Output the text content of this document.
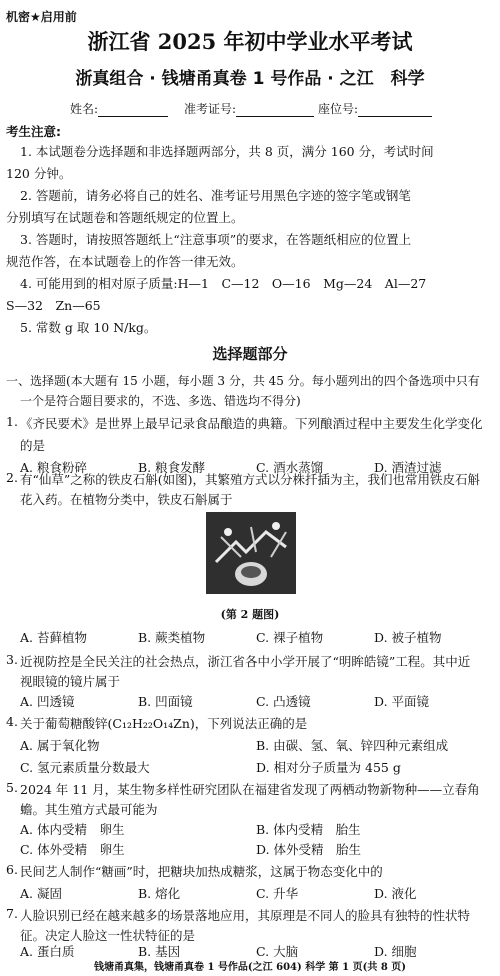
机密★启用前
浙江省 2025 年初中学业水平考试
浙真组合 · 钱塘甬真卷 1 号作品 · 之江　科学
姓名:	准考证号:	座位号:
考生注意:
1. 本试题卷分选择题和非选择题两部分，共 8 页，满分 160 分，考试时间
120 分钟。
2. 答题前，请务必将自己的姓名、准考证号用黑色字迹的签字笔或钢笔
分别填写在试题卷和答题纸规定的位置上。
3. 答题时，请按照答题纸上“注意事项”的要求，在答题纸相应的位置上
规范作答，在本试题卷上的作答一律无效。
4. 可能用到的相对原子质量:H—1　C—12　O—16　Mg—24　Al—27
S—32　Zn—65
5. 常数 g 取 10 N/kg。
选择题部分
一、选择题(本大题有 15 小题，每小题 3 分，共 45 分。每小题列出的四个备选项中只有
一个是符合题目要求的，不选、多选、错选均不得分)
1. 《齐民要术》是世界上最早记录食品酿造的典籍。下列酿酒过程中主要发生化学变化
的是
A. 粮食粉碎	B. 粮食发酵	C. 酒水蒸馏	D. 酒渣过滤
2. 有“仙草”之称的铁皮石斛(如图)，其繁殖方式以分株扦插为主，我们也常用铁皮石斛
花入药。在植物分类中，铁皮石斛属于
(第 2 题图)
A. 苔藓植物	B. 蕨类植物	C. 裸子植物	D. 被子植物
3. 近视防控是全民关注的社会热点，浙江省各中小学开展了“明眸皓镜”工程。其中近
视眼镜的镜片属于
A. 凹透镜	B. 凹面镜	C. 凸透镜	D. 平面镜
4. 关于葡萄糖酸锌(C₁₂H₂₂O₁₄Zn)，下列说法正确的是
A. 属于氧化物	B. 由碳、氢、氧、锌四种元素组成
C. 氢元素质量分数最大	D. 相对分子质量为 455 g
5. 2024 年 11 月，某生物多样性研究团队在福建省发现了两栖动物新物种——立春角
蟾。其生殖方式最可能为
A. 体内受精　卵生	B. 体内受精　胎生
C. 体外受精　卵生	D. 体外受精　胎生
6. 民间艺人制作“糖画”时，把糖块加热成糖浆，这属于物态变化中的
A. 凝固	B. 熔化	C. 升华	D. 液化
7. 人脸识别已经在越来越多的场景落地应用，其原理是不同人的脸具有独特的性状特
征。决定人脸这一性状特征的是
A. 蛋白质	B. 基因	C. 大脑	D. 细胞
钱塘甬真集，钱塘甬真卷 1 号作品(之江 604) 科学 第 1 页(共 8 页)
